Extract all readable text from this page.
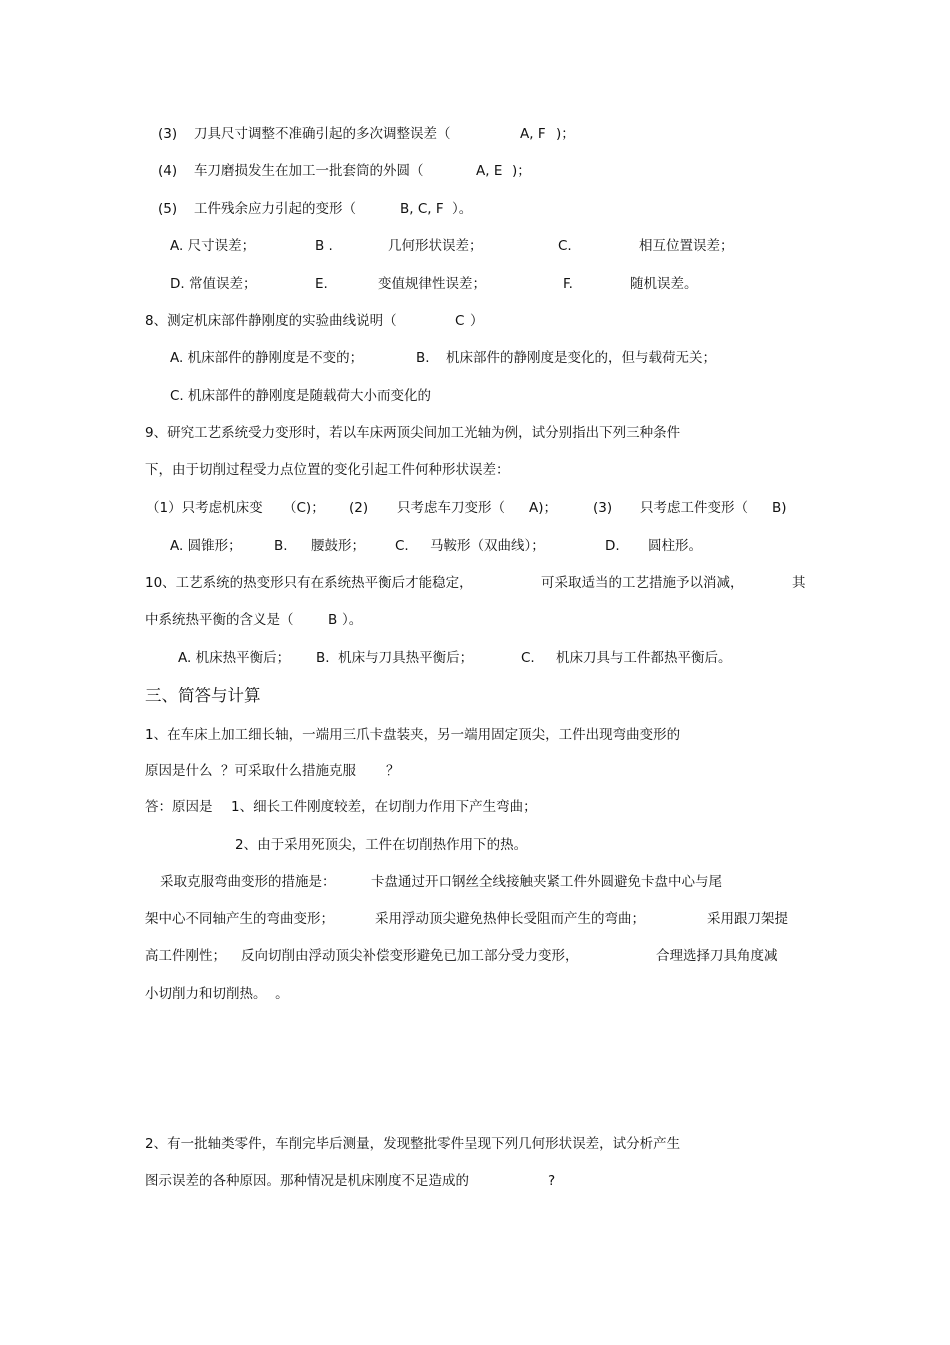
(3) 刀具尺寸调整不准确引起的多次调整误差（	A, F )；
(4) 车刀磨损发生在加工一批套筒的外圆（	A, E )；
(5) 工件残余应力引起的变形（	B, C, F ）。
A. 尺寸误差；	B .	几何形状误差；	C.	相互位置误差；
D. 常值误差；	E.	变值规律性误差；	F.	随机误差。
8、测定机床部件静刚度的实验曲线说明（	C ）
A. 机床部件的静刚度是不变的；	B. 机床部件的静刚度是变化的，但与载荷无关；
C. 机床部件的静刚度是随载荷大小而变化的
9、研究工艺系统受力变形时，若以车床两顶尖间加工光轴为例，试分别指出下列三种条件
下，由于切削过程受力点位置的变化引起工件何种形状误差：
（1）只考虑机床变 （C)； (2) 只考虑车刀变形（ A)；	(3) 只考虑工件变形（ B)
A. 圆锥形； B. 腰鼓形； C. 马鞍形（双曲线）；	D. 圆柱形。
10、工艺系统的热变形只有在系统热平衡后才能稳定，	可采取适当的工艺措施予以消减，	其
中系统热平衡的含义是（	B ）。
A. 机床热平衡后； B.  机床与刀具热平衡后；	C. 机床刀具与工件都热平衡后。
三、简答与计算
1、在车床上加工细长轴，一端用三爪卡盘装夹，另一端用固定顶尖，工件出现弯曲变形的
原因是什么 ？可采取什么措施克服 ？
答：原因是 1、细长工件刚度较差，在切削力作用下产生弯曲；
2、由于采用死顶尖，工件在切削热作用下的热。
采取克服弯曲变形的措施是：	卡盘通过开口钢丝全线接触夹紧工件外圆避免卡盘中心与尾
架中心不同轴产生的弯曲变形；	采用浮动顶尖避免热伸长受阻而产生的弯曲；	采用跟刀架提
高工件刚性； 反向切削由浮动顶尖补偿变形避免已加工部分受力变形，	合理选择刀具角度减
小切削力和切削热。  。
2、有一批轴类零件，车削完毕后测量，发现整批零件呈现下列几何形状误差，试分析产生
图示误差的各种原因。那种情况是机床刚度不足造成的	?
